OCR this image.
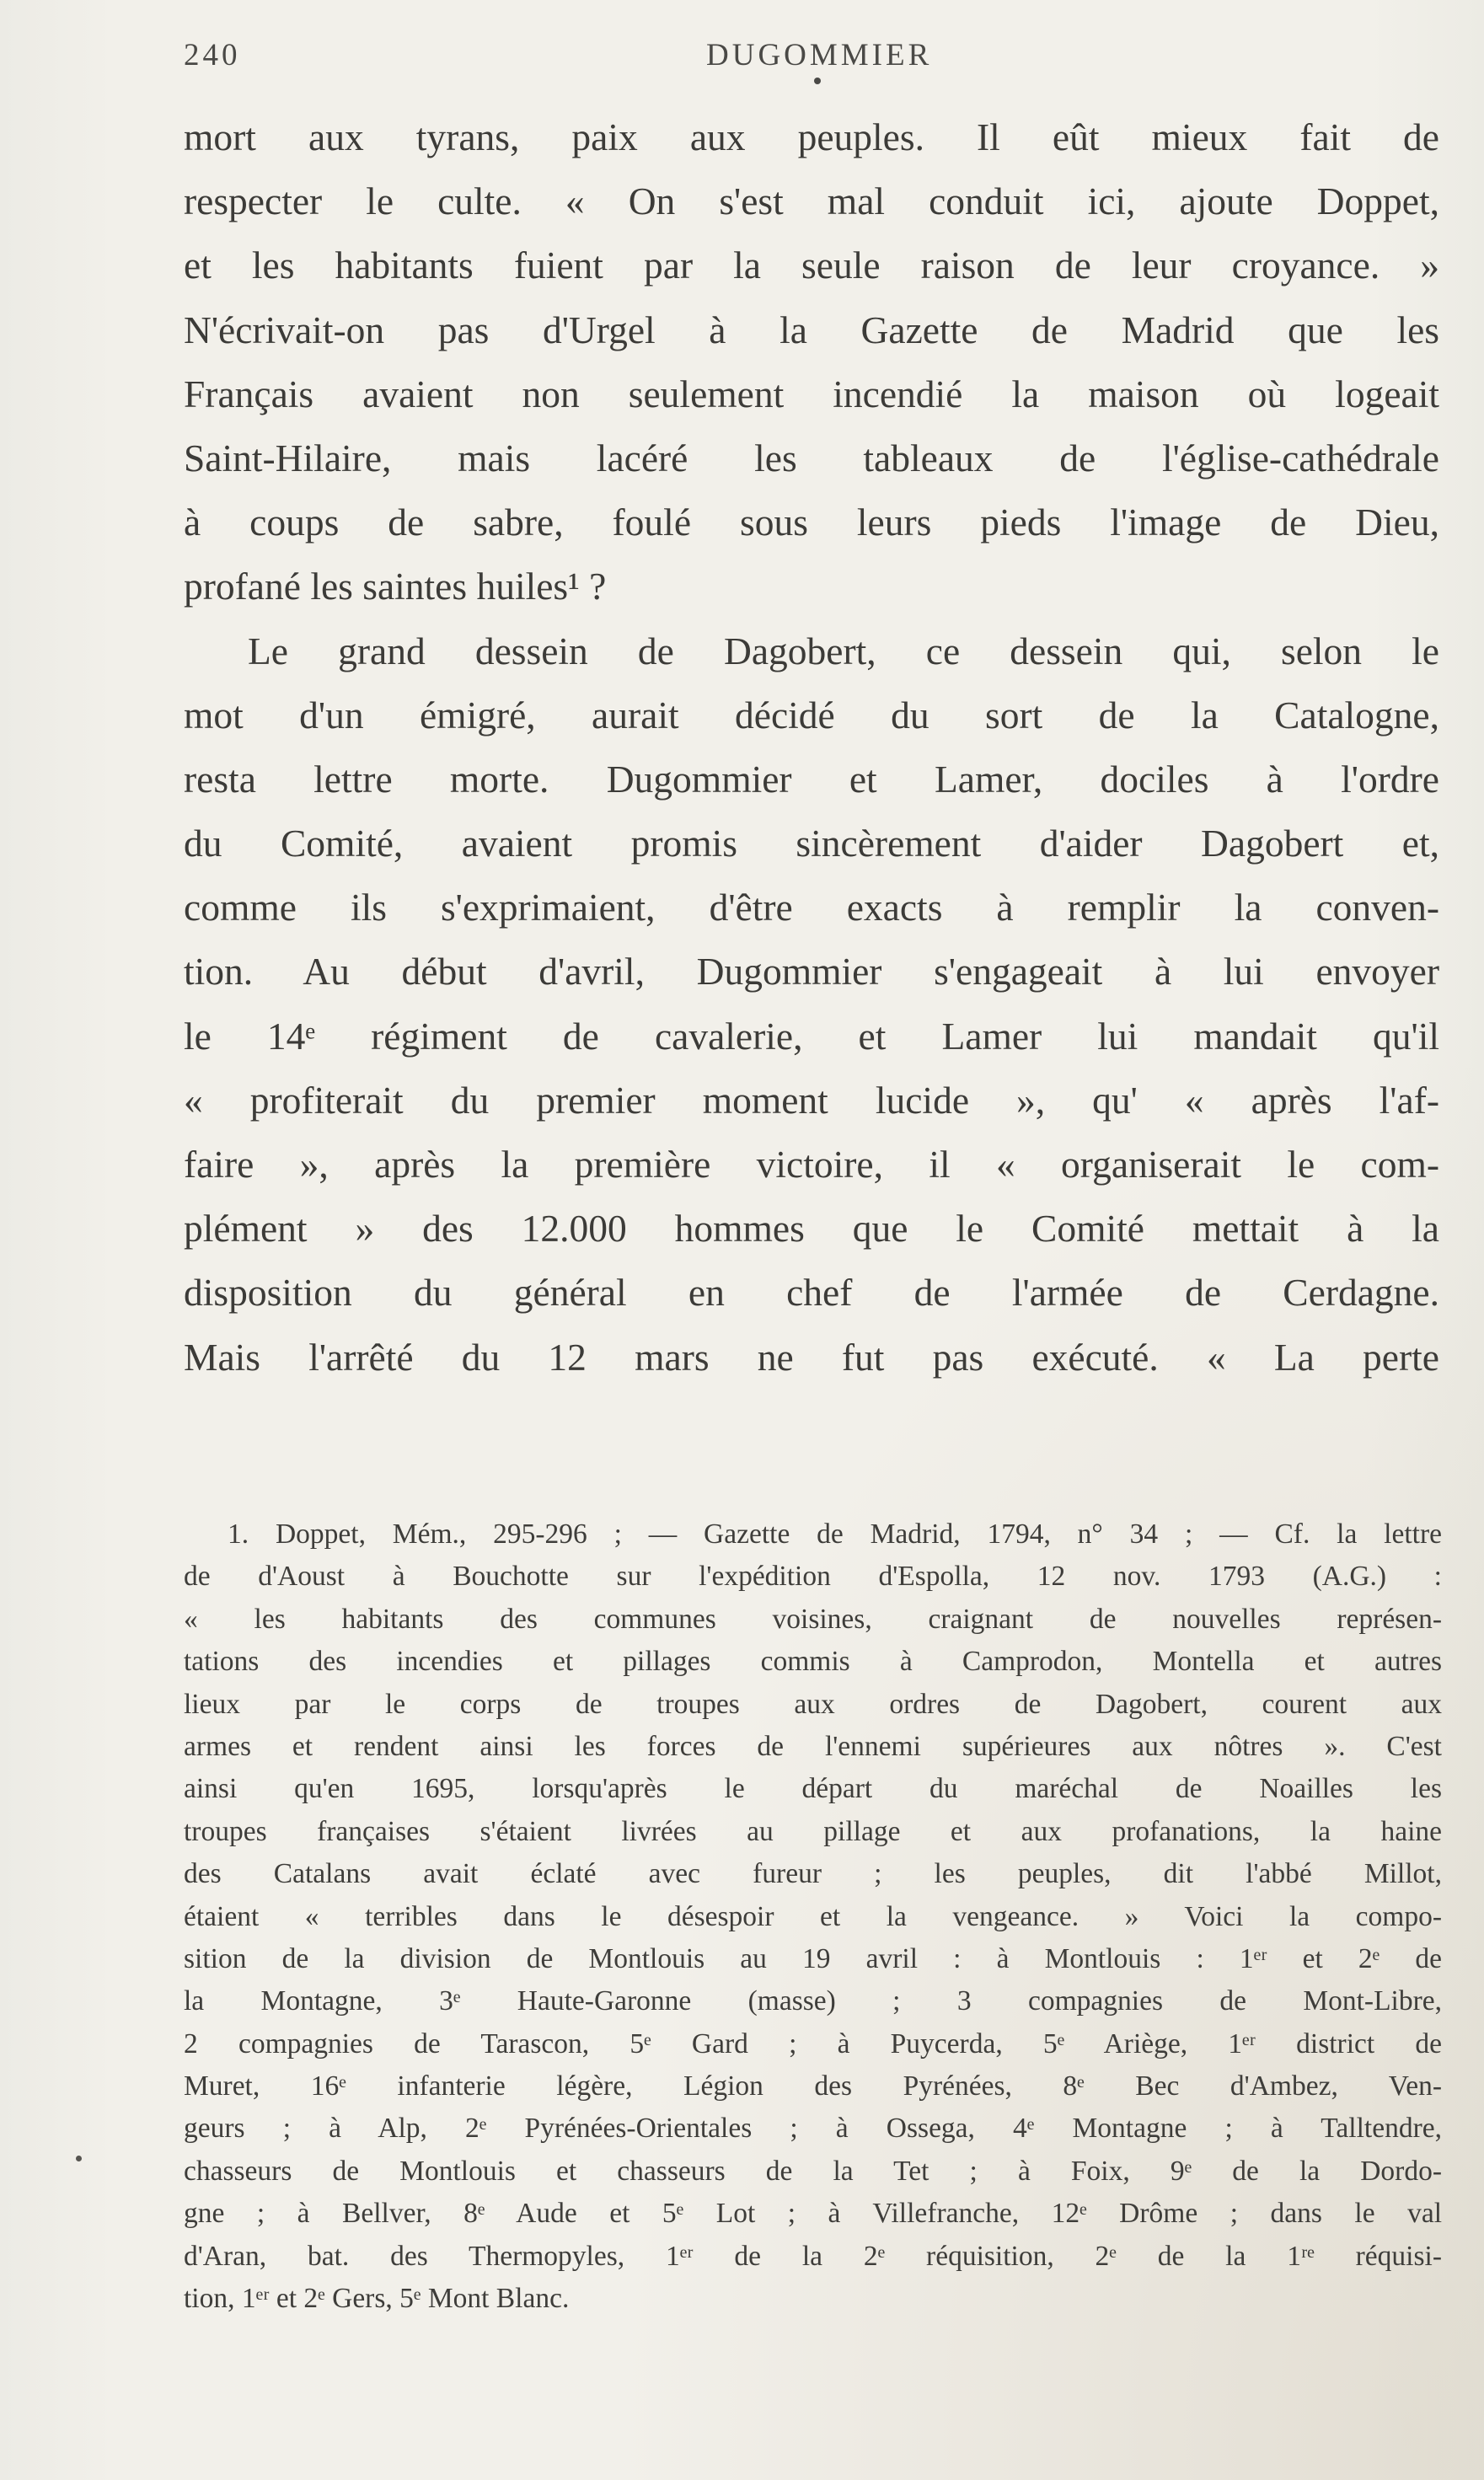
240	DUGOMMIER
mort aux tyrans, paix aux peuples. Il eût mieux fait de
respecter le culte. « On s'est mal conduit ici, ajoute Doppet,
et les habitants fuient par la seule raison de leur croyance. »
N'écrivait-on pas d'Urgel à la Gazette de Madrid que les
Français avaient non seulement incendié la maison où logeait
Saint-Hilaire, mais lacéré les tableaux de l'église-cathédrale
à coups de sabre, foulé sous leurs pieds l'image de Dieu,
profané les saintes huiles¹ ?
Le grand dessein de Dagobert, ce dessein qui, selon le
mot d'un émigré, aurait décidé du sort de la Catalogne,
resta lettre morte. Dugommier et Lamer, dociles à l'ordre
du Comité, avaient promis sincèrement d'aider Dagobert et,
comme ils s'exprimaient, d'être exacts à remplir la conven-
tion. Au début d'avril, Dugommier s'engageait à lui envoyer
le 14ᵉ régiment de cavalerie, et Lamer lui mandait qu'il
« profiterait du premier moment lucide », qu' « après l'af-
faire », après la première victoire, il « organiserait le com-
plément » des 12.000 hommes que le Comité mettait à la
disposition du général en chef de l'armée de Cerdagne.
Mais l'arrêté du 12 mars ne fut pas exécuté. « La perte
1. Doppet, Mém., 295-296 ; — Gazette de Madrid, 1794, n° 34 ; — Cf. la lettre
de d'Aoust à Bouchotte sur l'expédition d'Espolla, 12 nov. 1793 (A.G.) :
« les habitants des communes voisines, craignant de nouvelles représen-
tations des incendies et pillages commis à Camprodon, Montella et autres
lieux par le corps de troupes aux ordres de Dagobert, courent aux
armes et rendent ainsi les forces de l'ennemi supérieures aux nôtres ». C'est
ainsi qu'en 1695, lorsqu'après le départ du maréchal de Noailles les
troupes françaises s'étaient livrées au pillage et aux profanations, la haine
des Catalans avait éclaté avec fureur ; les peuples, dit l'abbé Millot,
étaient « terribles dans le désespoir et la vengeance. » Voici la compo-
sition de la division de Montlouis au 19 avril : à Montlouis : 1ᵉʳ et 2ᵉ de
la Montagne, 3ᵉ Haute-Garonne (masse) ; 3 compagnies de Mont-Libre,
2 compagnies de Tarascon, 5ᵉ Gard ; à Puycerda, 5ᵉ Ariège, 1ᵉʳ district de
Muret, 16ᵉ infanterie légère, Légion des Pyrénées, 8ᵉ Bec d'Ambez, Ven-
geurs ; à Alp, 2ᵉ Pyrénées-Orientales ; à Ossega, 4ᵉ Montagne ; à Talltendre,
chasseurs de Montlouis et chasseurs de la Tet ; à Foix, 9ᵉ de la Dordo-
gne ; à Bellver, 8ᵉ Aude et 5ᵉ Lot ; à Villefranche, 12ᵉ Drôme ; dans le val
d'Aran, bat. des Thermopyles, 1ᵉʳ de la 2ᵉ réquisition, 2ᵉ de la 1ʳᵉ réquisi-
tion, 1ᵉʳ et 2ᵉ Gers, 5ᵉ Mont Blanc.
